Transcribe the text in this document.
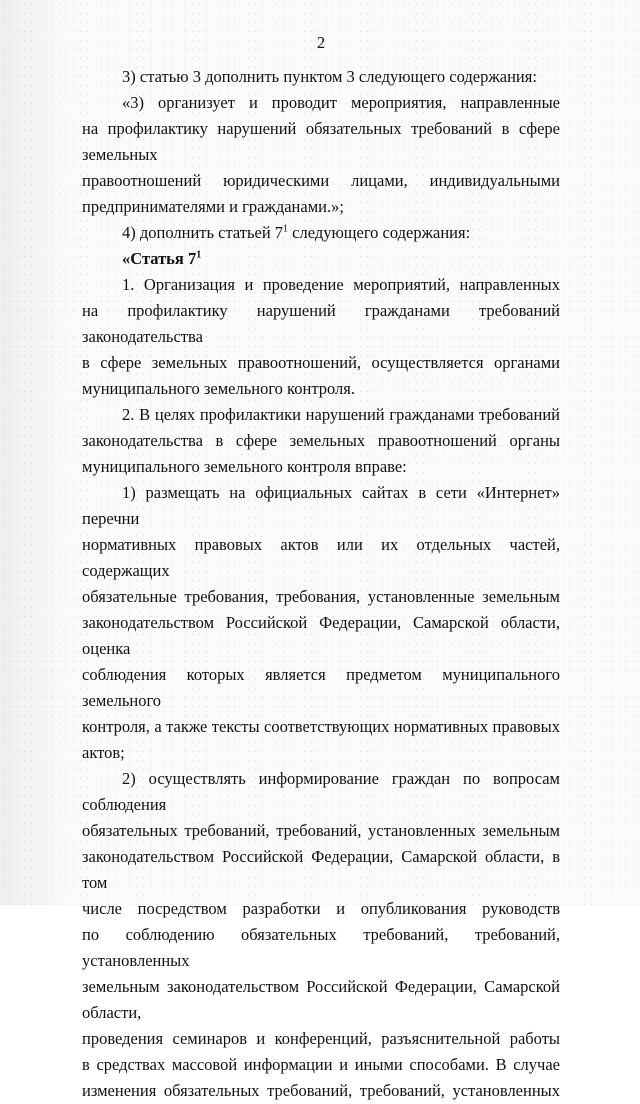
2

3) статью 3 дополнить пунктом 3 следующего содержания:

«3) организует и проводит мероприятия, направленные
на профилактику нарушений обязательных требований в сфере земельных
правоотношений юридическими лицами, индивидуальными
предпринимателями и гражданами.»;

4) дополнить статьей $7^1$ следующего содержания:

«Статья $7^1$

1. Организация и проведение мероприятий, направленных
на профилактику нарушений гражданами требований законодательства
в сфере земельных правоотношений, осуществляется органами
муниципального земельного контроля.
2. В целях профилактики нарушений гражданами требований
законодательства в сфере земельных правоотношений органы
муниципального земельного контроля вправе:
1) размещать на официальных сайтах в сети «Интернет» перечни
нормативных правовых актов или их отдельных частей, содержащих
обязательные требования, требования, установленные земельным
законодательством Российской Федерации, Самарской области, оценка
соблюдения которых является предметом муниципального земельного
контроля, а также тексты соответствующих нормативных правовых актов;
2) осуществлять информирование граждан по вопросам соблюдения
обязательных требований, требований, установленных земельным
законодательством Российской Федерации, Самарской области, в том
числе посредством разработки и опубликования руководств
по соблюдению обязательных требований, требований, установленных
земельным законодательством Российской Федерации, Самарской области,
проведения семинаров и конференций, разъяснительной работы
в средствах массовой информации и иными способами. В случае
изменения обязательных требований, требований, установленных
